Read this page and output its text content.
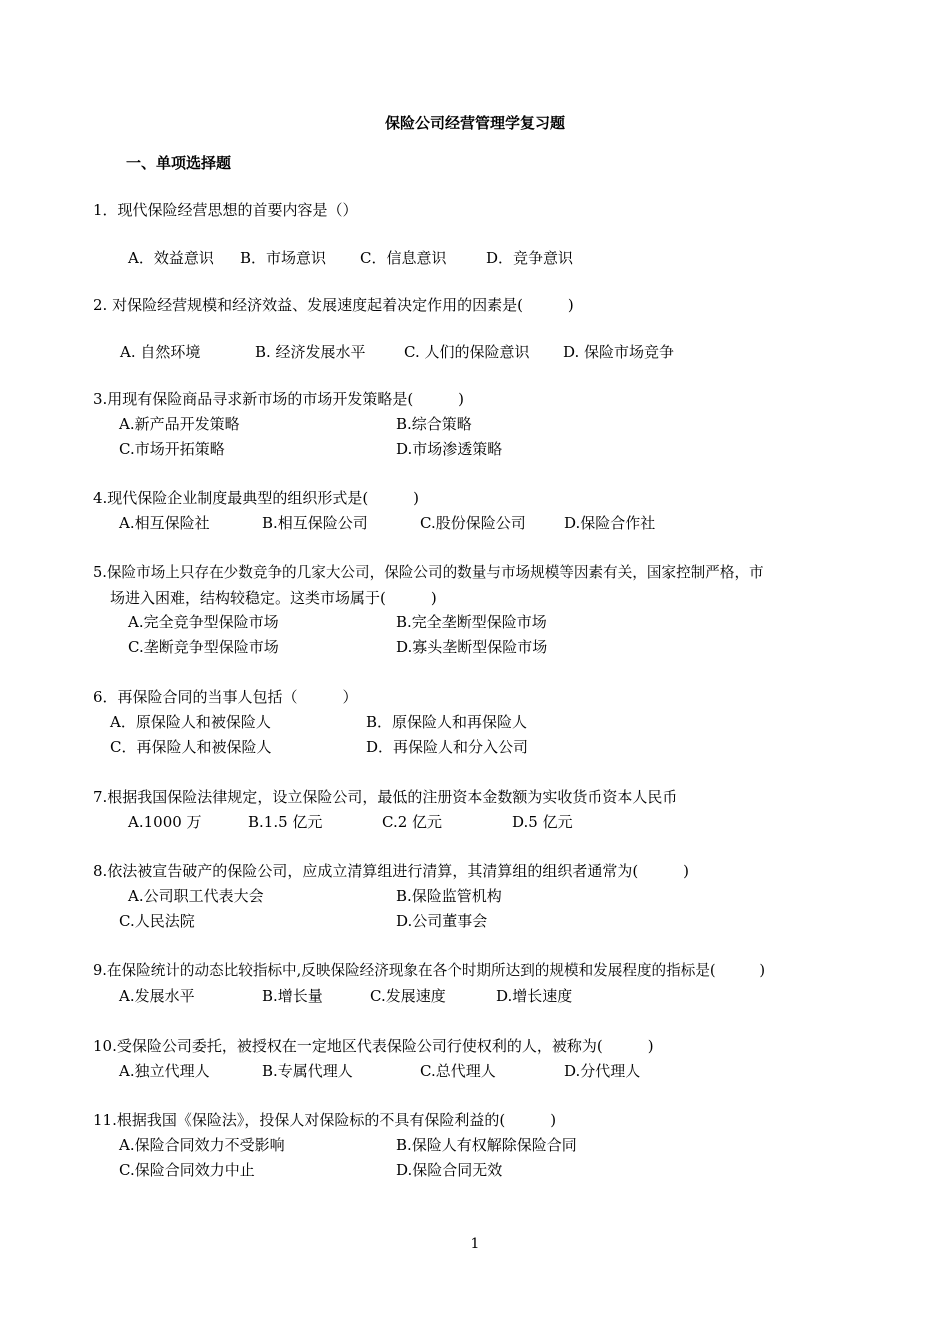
保险公司经营管理学复习题
一、单项选择题
1．现代保险经营思想的首要内容是（）
A．效益意识 B．市场意识 C．信息意识	D．竞争意识
2. 对保险经营规模和经济效益、发展速度起着决定作用的因素是(　　　)
A. 自然环境	B. 经济发展水平	C. 人们的保险意识 D. 保险市场竞争
3.用现有保险商品寻求新市场的市场开发策略是(　　　)
A.新产品开发策略	B.综合策略
C.市场开拓策略	D.市场渗透策略
4.现代保险企业制度最典型的组织形式是(　　　)
A.相互保险社	B.相互保险公司	C.股份保险公司	D.保险合作社
5.保险市场上只存在少数竞争的几家大公司，保险公司的数量与市场规模等因素有关，国家控制严格，市
场进入困难，结构较稳定。这类市场属于(　　　)
A.完全竞争型保险市场	B.完全垄断型保险市场
C.垄断竞争型保险市场	D.寡头垄断型保险市场
6．再保险合同的当事人包括（　　　）
A．原保险人和被保险人	B．原保险人和再保险人
C．再保险人和被保险人	D．再保险人和分入公司
7.根据我国保险法律规定，设立保险公司，最低的注册资本金数额为实收货币资本人民币
A.1000 万	B.1.5 亿元	C.2 亿元	D.5 亿元
8.依法被宣告破产的保险公司，应成立清算组进行清算，其清算组的组织者通常为(　　　)
A.公司职工代表大会	B.保险监管机构
C.人民法院	D.公司董事会
9.在保险统计的动态比较指标中,反映保险经济现象在各个时期所达到的规模和发展程度的指标是(　　　)
A.发展水平	B.增长量	C.发展速度	D.增长速度
10.受保险公司委托，被授权在一定地区代表保险公司行使权利的人，被称为(　　　)
A.独立代理人	B.专属代理人	C.总代理人	D.分代理人
11.根据我国《保险法》，投保人对保险标的不具有保险利益的(　　　)
A.保险合同效力不受影响	B.保险人有权解除保险合同
C.保险合同效力中止	D.保险合同无效
1
